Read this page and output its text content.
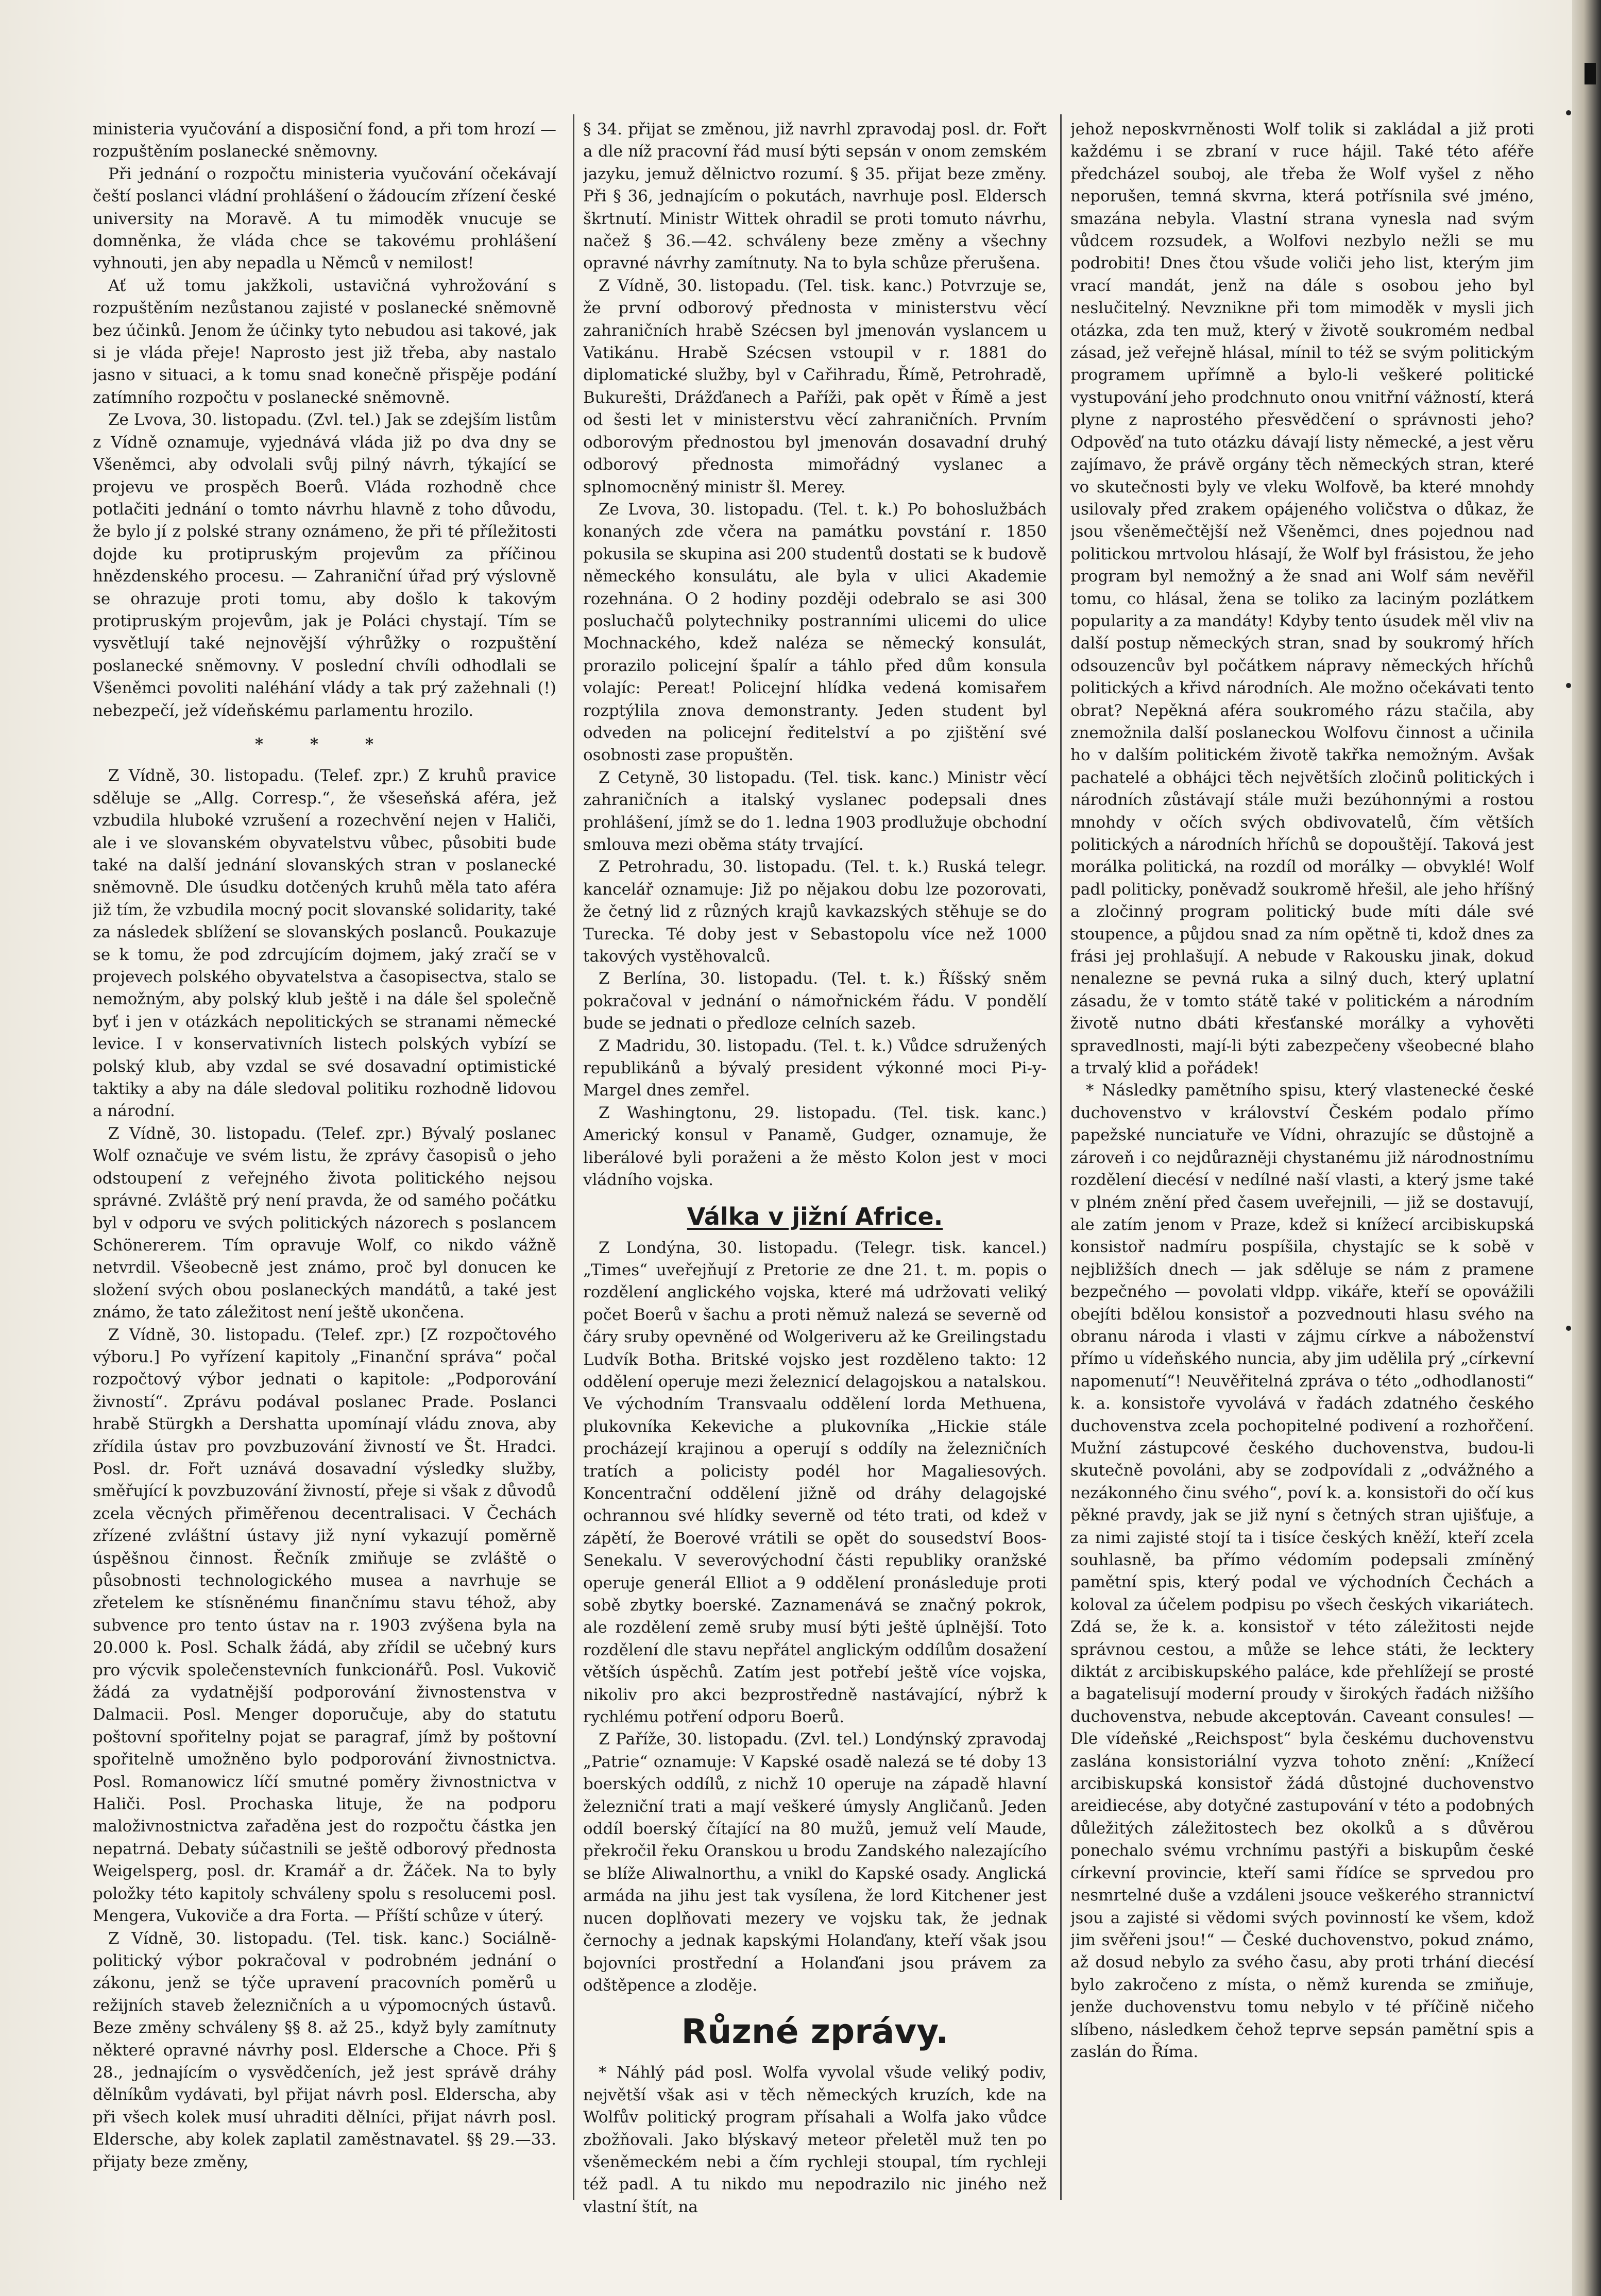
ministeria vyučování a disposiční fond, a při tom hrozí — rozpuštěním poslanecké sněmovny.

Při jednání o rozpočtu ministeria vyučování očekávají čeští poslanci vládní prohlášení o žádoucím zřízení české university na Moravě. A tu mimoděk vnucuje se domněnka, že vláda chce se takovému prohlášení vyhnouti, jen aby nepadla u Němců v nemilost!

Ať už tomu jakžkoli, ustavičná vyhrožování s rozpuštěním nezůstanou zajisté v poslanecké sněmovně bez účinků. Jenom že účinky tyto nebudou asi takové, jak si je vláda přeje! Naprosto jest již třeba, aby nastalo jasno v situaci, a k tomu snad konečně přispěje podání zatímního rozpočtu v poslanecké sněmovně.

Ze Lvova, 30. listopadu. (Zvl. tel.) Jak se zdejším listům z Vídně oznamuje, vyjednává vláda již po dva dny se Všeněmci, aby odvolali svůj pilný návrh, týkající se projevu ve prospěch Boerů. Vláda rozhodně chce potlačiti jednání o tomto návrhu hlavně z toho důvodu, že bylo jí z polské strany oznámeno, že při té příležitosti dojde ku protipruským projevům za příčinou hnězdenského procesu. — Zahraniční úřad prý výslovně se ohrazuje proti tomu, aby došlo k takovým protipruským projevům, jak je Poláci chystají. Tím se vysvětlují také nejnovější výhrůžky o rozpuštění poslanecké sněmovny. V poslední chvíli odhodlali se Všeněmci povoliti naléhání vlády a tak prý zažehnali (!) nebezpečí, jež vídeňskému parlamentu hrozilo.

* * *

Z Vídně, 30. listopadu. (Telef. zpr.) Z kruhů pravice sděluje se „Allg. Corresp.“, že všeseňská aféra, jež vzbudila hluboké vzrušení a rozechvění nejen v Haliči, ale i ve slovanském obyvatelstvu vůbec, působiti bude také na další jednání slovanských stran v poslanecké sněmovně. Dle úsudku dotčených kruhů měla tato aféra již tím, že vzbudila mocný pocit slovanské solidarity, také za následek sblížení se slovanských poslanců. Poukazuje se k tomu, že pod zdrcujícím dojmem, jaký zračí se v projevech polského obyvatelstva a časopisectva, stalo se nemožným, aby polský klub ještě i na dále šel společně byť i jen v otázkách nepolitických se stranami německé levice. I v konservativních listech polských vybízí se polský klub, aby vzdal se své dosavadní optimistické taktiky a aby na dále sledoval politiku rozhodně lidovou a národní.

Z Vídně, 30. listopadu. (Telef. zpr.) Bývalý poslanec Wolf označuje ve svém listu, že zprávy časopisů o jeho odstoupení z veřejného života politického nejsou správné. Zvláště prý není pravda, že od samého počátku byl v odporu ve svých politických názorech s poslancem Schönererem. Tím opravuje Wolf, co nikdo vážně netvrdil. Všeobecně jest známo, proč byl donucen ke složení svých obou poslaneckých mandátů, a také jest známo, že tato záležitost není ještě ukončena.

Z Vídně, 30. listopadu. (Telef. zpr.) [Z rozpočtového výboru.] Po vyřízení kapitoly „Finanční správa“ počal rozpočtový výbor jednati o kapitole: „Podporování živností“. Zprávu podával poslanec Prade. Poslanci hrabě Stürgkh a Dershatta upomínají vládu znova, aby zřídila ústav pro povzbuzování živností ve Št. Hradci. Posl. dr. Fořt uznává dosavadní výsledky služby, směřující k povzbuzování živností, přeje si však z důvodů zcela věcných přiměřenou decentralisaci. V Čechách zřízené zvláštní ústavy již nyní vykazují poměrně úspěšnou činnost. Řečník zmiňuje se zvláště o působnosti technologického musea a navrhuje se zřetelem ke stísněnému finančnímu stavu téhož, aby subvence pro tento ústav na r. 1903 zvýšena byla na 20.000 k. Posl. Schalk žádá, aby zřídil se učebný kurs pro výcvik společenstevních funkcionářů. Posl. Vukovič žádá za vydatnější podporování živnostenstva v Dalmacii. Posl. Menger doporučuje, aby do statutu poštovní spořitelny pojat se paragraf, jímž by poštovní spořitelně umožněno bylo podporování živnostnictva. Posl. Romanowicz líčí smutné poměry živnostnictva v Haliči. Posl. Prochaska lituje, že na podporu maloživnostnictva zařaděna jest do rozpočtu částka jen nepatrná. Debaty súčastnili se ještě odborový přednosta Weigelsperg, posl. dr. Kramář a dr. Žáček. Na to byly položky této kapitoly schváleny spolu s resolucemi posl. Mengera, Vukoviče a dra Forta. — Příští schůze v úterý.

Z Vídně, 30. listopadu. (Tel. tisk. kanc.) Sociálně-politický výbor pokračoval v podrobném jednání o zákonu, jenž se týče upravení pracovních poměrů u režijních staveb železničních a u výpomocných ústavů. Beze změny schváleny §§ 8. až 25., když byly zamítnuty některé opravné návrhy posl. Eldersche a Choce. Při § 28., jednajícím o vysvědčeních, jež jest správě dráhy dělníkům vydávati, byl přijat návrh posl. Elderscha, aby při všech kolek musí uhraditi dělníci, přijat návrh posl. Eldersche, aby kolek zaplatil zaměstnavatel. §§ 29.—33. přijaty beze změny,

§ 34. přijat se změnou, již navrhl zpravodaj posl. dr. Fořt a dle níž pracovní řád musí býti sepsán v onom zemském jazyku, jemuž dělnictvo rozumí. § 35. přijat beze změny. Při § 36, jednajícím o pokutách, navrhuje posl. Eldersch škrtnutí. Ministr Wittek ohradil se proti tomuto návrhu, načež § 36.—42. schváleny beze změny a všechny opravné návrhy zamítnuty. Na to byla schůze přerušena.

Z Vídně, 30. listopadu. (Tel. tisk. kanc.) Potvrzuje se, že první odborový přednosta v ministerstvu věcí zahraničních hrabě Szécsen byl jmenován vyslancem u Vatikánu. Hrabě Szécsen vstoupil v r. 1881 do diplomatické služby, byl v Cařihradu, Římě, Petrohradě, Bukurešti, Drážďanech a Paříži, pak opět v Římě a jest od šesti let v ministerstvu věcí zahraničních. Prvním odborovým přednostou byl jmenován dosavadní druhý odborový přednosta mimořádný vyslanec a splnomocněný ministr šl. Merey.

Ze Lvova, 30. listopadu. (Tel. t. k.) Po bohoslužbách konaných zde včera na památku povstání r. 1850 pokusila se skupina asi 200 studentů dostati se k budově německého konsulátu, ale byla v ulici Akademie rozehnána. O 2 hodiny později odebralo se asi 300 posluchačů polytechniky postranními ulicemi do ulice Mochnackého, kdež naléza se německý konsulát, prorazilo policejní špalír a táhlo před dům konsula volajíc: Pereat! Policejní hlídka vedená komisařem rozptýlila znova demonstranty. Jeden student byl odveden na policejní ředitelství a po zjištění své osobnosti zase propuštěn.

Z Cetyně, 30 listopadu. (Tel. tisk. kanc.) Ministr věcí zahraničních a italský vyslanec podepsali dnes prohlášení, jímž se do 1. ledna 1903 prodlužuje obchodní smlouva mezi oběma státy trvající.

Z Petrohradu, 30. listopadu. (Tel. t. k.) Ruská telegr. kancelář oznamuje: Již po nějakou dobu lze pozorovati, že četný lid z různých krajů kavkazských stěhuje se do Turecka. Té doby jest v Sebastopolu více než 1000 takových vystěhovalců.

Z Berlína, 30. listopadu. (Tel. t. k.) Říšský sněm pokračoval v jednání o námořnickém řádu. V pondělí bude se jednati o předloze celních sazeb.

Z Madridu, 30. listopadu. (Tel. t. k.) Vůdce sdružených republikánů a bývalý president výkonné moci Pi-y-Margel dnes zemřel.

Z Washingtonu, 29. listopadu. (Tel. tisk. kanc.) Americký konsul v Panamě, Gudger, oznamuje, že liberálové byli poraženi a že město Kolon jest v moci vládního vojska.

Válka v jižní Africe.

Z Londýna, 30. listopadu. (Telegr. tisk. kancel.) „Times“ uveřejňují z Pretorie ze dne 21. t. m. popis o rozdělení anglického vojska, které má udržovati veliký počet Boerů v šachu a proti němuž nalezá se severně od čáry sruby opevněné od Wolgeriveru až ke Greilingstadu Ludvík Botha. Britské vojsko jest rozděleno takto: 12 oddělení operuje mezi železnicí delagojskou a natalskou. Ve východním Transvaalu oddělení lorda Methuena, plukovníka Kekeviche a plukovníka „Hickie stále procházejí krajinou a operují s oddíly na železničních tratích a policisty podél hor Magaliesových. Koncentrační oddělení jižně od dráhy delagojské ochrannou své hlídky severně od této trati, od kdež v zápětí, že Boerové vrátili se opět do sousedství Boos-Senekalu. V severovýchodní části republiky oranžské operuje generál Elliot a 9 oddělení pronásleduje proti sobě zbytky boerské. Zaznamenává se značný pokrok, ale rozdělení země sruby musí býti ještě úplnější. Toto rozdělení dle stavu nepřátel anglickým oddílům dosažení větších úspěchů. Zatím jest potřebí ještě více vojska, nikoliv pro akci bezprostředně nastávající, nýbrž k rychlému potření odporu Boerů.

Z Paříže, 30. listopadu. (Zvl. tel.) Londýnský zpravodaj „Patrie“ oznamuje: V Kapské osadě nalezá se té doby 13 boerských oddílů, z nichž 10 operuje na západě hlavní železniční trati a mají veškeré úmysly Angličanů. Jeden oddíl boerský čítající na 80 mužů, jemuž velí Maude, překročil řeku Oranskou u brodu Zandského nalezajícího se blíže Aliwalnorthu, a vnikl do Kapské osady. Anglická armáda na jihu jest tak vysílena, že lord Kitchener jest nucen doplňovati mezery ve vojsku tak, že jednak černochy a jednak kapskými Holanďany, kteří však jsou bojovníci prostřední a Holanďani jsou právem za odštěpence a zloděje.

Různé zprávy.

* Náhlý pád posl. Wolfa vyvolal všude veliký podiv, největší však asi v těch německých kruzích, kde na Wolfův politický program přísahali a Wolfa jako vůdce zbožňovali. Jako blýskavý meteor přeletěl muž ten po všeněmeckém nebi a čím rychleji stoupal, tím rychleji též padl. A tu nikdo mu nepodrazilo nic jiného než vlastní štít, na

jehož neposkvrněnosti Wolf tolik si zakládal a již proti každému i se zbraní v ruce hájil. Také této aféře předcházel souboj, ale třeba že Wolf vyšel z něho neporušen, temná skvrna, která potřísnila své jméno, smazána nebyla. Vlastní strana vynesla nad svým vůdcem rozsudek, a Wolfovi nezbylo nežli se mu podrobiti! Dnes čtou všude voliči jeho list, kterým jim vrací mandát, jenž na dále s osobou jeho byl neslučitelný. Nevznikne při tom mimoděk v mysli jich otázka, zda ten muž, který v životě soukromém nedbal zásad, jež veřejně hlásal, mínil to též se svým politickým programem upřímně a bylo-li veškeré politické vystupování jeho prodchnuto onou vnitřní vážností, která plyne z naprostého přesvědčení o správnosti jeho? Odpověď na tuto otázku dávají listy německé, a jest věru zajímavo, že právě orgány těch německých stran, které vo skutečnosti byly ve vleku Wolfově, ba které mnohdy usilovaly před zrakem opájeného voličstva o důkaz, že jsou všeněmečtější než Všeněmci, dnes pojednou nad politickou mrtvolou hlásají, že Wolf byl frásistou, že jeho program byl nemožný a že snad ani Wolf sám nevěřil tomu, co hlásal, žena se toliko za laciným pozlátkem popularity a za mandáty! Kdyby tento úsudek měl vliv na další postup německých stran, snad by soukromý hřích odsouzencův byl počátkem nápravy německých hříchů politických a křivd národních. Ale možno očekávati tento obrat? Nepěkná aféra soukromého rázu stačila, aby znemožnila další poslaneckou Wolfovu činnost a učinila ho v dalším politickém životě takřka nemožným. Avšak pachatelé a obhájci těch největších zločinů politických i národních zůstávají stále muži bezúhonnými a rostou mnohdy v očích svých obdivovatelů, čím větších politických a národních hříchů se dopouštějí. Taková jest morálka politická, na rozdíl od morálky — obvyklé! Wolf padl politicky, poněvadž soukromě hřešil, ale jeho hříšný a zločinný program politický bude míti dále své stoupence, a půjdou snad za ním opětně ti, kdož dnes za frási jej prohlašují. A nebude v Rakousku jinak, dokud nenalezne se pevná ruka a silný duch, který uplatní zásadu, že v tomto státě také v politickém a národním životě nutno dbáti křesťanské morálky a vyhověti spravedlnosti, mají-li býti zabezpečeny všeobecné blaho a trvalý klid a pořádek!

* Následky pamětního spisu, který vlastenecké české duchovenstvo v království Českém podalo přímo papežské nunciatuře ve Vídni, ohrazujíc se důstojně a zároveň i co nejdůrazněji chystanému již národnostnímu rozdělení diecésí v nedílné naší vlasti, a který jsme také v plném znění před časem uveřejnili, — již se dostavují, ale zatím jenom v Praze, kdež si knížecí arcibiskupská konsistoř nadmíru pospíšila, chystajíc se k sobě v nejbližších dnech — jak sděluje se nám z pramene bezpečného — povolati vldpp. vikáře, kteří se opovážili obejíti bdělou konsistoř a pozvednouti hlasu svého na obranu národa i vlasti v zájmu církve a náboženství přímo u vídeňského nuncia, aby jim udělila prý „církevní napomenutí“! Neuvěřitelná zpráva o této „odhodlanosti“ k. a. konsistoře vyvolává v řadách zdatného českého duchovenstva zcela pochopitelné podivení a rozhořčení. Mužní zástupcové českého duchovenstva, budou-li skutečně povoláni, aby se zodpovídali z „odvážného a nezákonného činu svého“, poví k. a. konsistoři do očí kus pěkné pravdy, jak se již nyní s četných stran ujišťuje, a za nimi zajisté stojí ta i tisíce českých kněží, kteří zcela souhlasně, ba přímo védomím podepsali zmíněný pamětní spis, který podal ve východních Čechách a koloval za účelem podpisu po všech českých vikariátech. Zdá se, že k. a. konsistoř v této záležitosti nejde správnou cestou, a může se lehce státi, že lecktery diktát z arcibiskupského paláce, kde přehlížejí se prosté a bagatelisují moderní proudy v širokých řadách nižšího duchovenstva, nebude akceptován. Caveant consules! — Dle vídeňské „Reichspost“ byla českému duchovenstvu zaslána konsistoriální vyzva tohoto znění: „Knížecí arcibiskupská konsistoř žádá důstojné duchovenstvo areidiecése, aby dotyčné zastupování v této a podobných důležitých záležitostech bez okolků a s důvěrou ponechalo svému vrchnímu pastýři a biskupům české církevní provincie, kteří sami řídíce se sprvedou pro nesmrtelné duše a vzdáleni jsouce veškerého strannictví jsou a zajisté si vědomi svých povinností ke všem, kdož jim svěřeni jsou!“ — České duchovenstvo, pokud známo, až dosud nebylo za svého času, aby proti trhání diecésí bylo zakročeno z místa, o němž kurenda se zmiňuje, jenže duchovenstvu tomu nebylo v té příčině ničeho slíbeno, následkem čehož teprve sepsán pamětní spis a zaslán do Říma.
